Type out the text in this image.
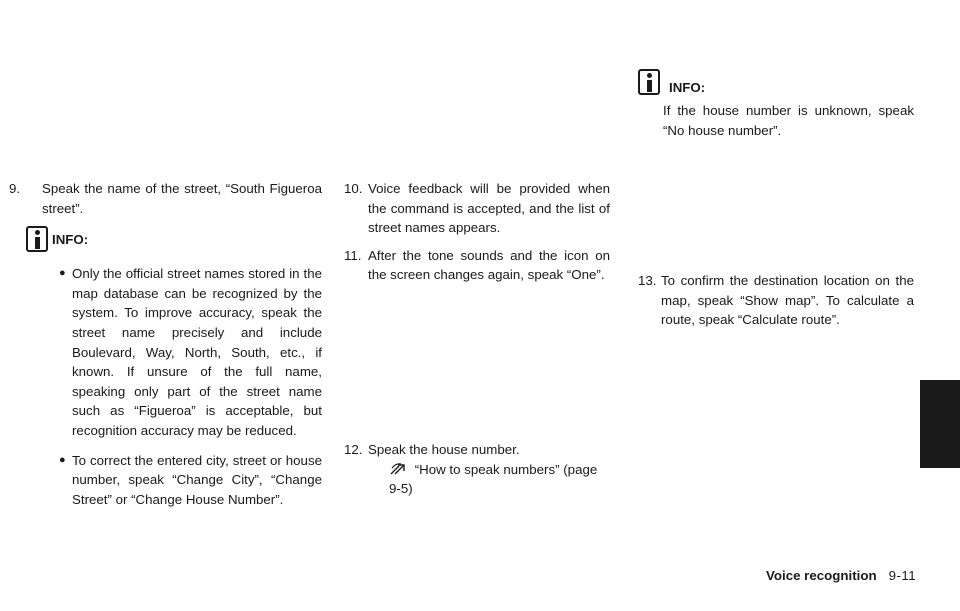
9. Speak the name of the street, “South Figueroa street”.
INFO:
● Only the official street names stored in the map database can be recognized by the system. To improve accuracy, speak the street name precisely and include Boulevard, Way, North, South, etc., if known. If unsure of the full name, speaking only part of the street name such as “Figueroa” is acceptable, but recognition accuracy may be reduced.
● To correct the entered city, street or house number, speak “Change City”, “Change Street” or “Change House Number”.
10. Voice feedback will be provided when the command is accepted, and the list of street names appears.
11. After the tone sounds and the icon on the screen changes again, speak “One”.
12. Speak the house number.
“How to speak numbers” (page 9-5)
INFO:
If the house number is unknown, speak “No house number”.
13. To confirm the destination location on the map, speak “Show map”. To calculate a route, speak “Calculate route”.
Voice recognition 9-11
